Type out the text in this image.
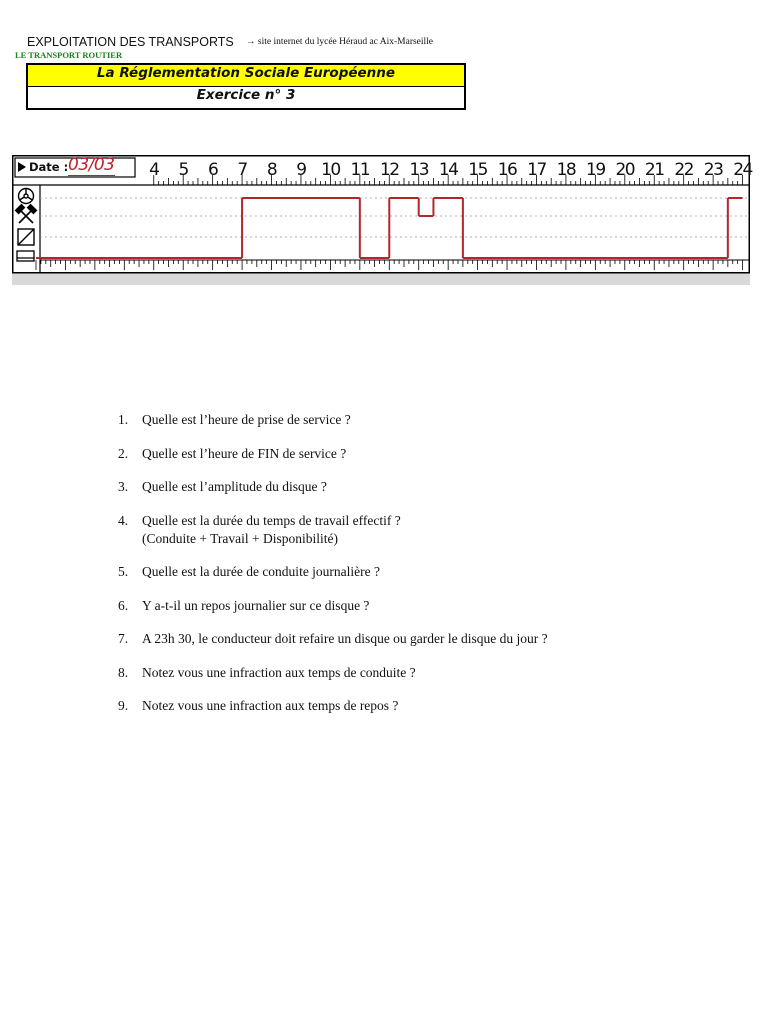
EXPLOITATION DES TRANSPORTS → site internet du lycée Héraud ac Aix-Marseille
LE TRANSPORT ROUTIER
La Réglementation Sociale Européenne
Exercice n° 3
Date : 03/03 4 5 6 7 8 9 10 11 12 13 14 15 16 17 18 19 20 21 22 23 24
1. Quelle est l’heure de prise de service ?
2. Quelle est l’heure de FIN de service ?
3. Quelle est l’amplitude du disque ?
4. Quelle est la durée du temps de travail effectif ?
(Conduite + Travail + Disponibilité)
5. Quelle est la durée de conduite journalière ?
6. Y a-t-il un repos journalier sur ce disque ?
7. A 23h 30, le conducteur doit refaire un disque ou garder le disque du jour ?
8. Notez vous une infraction aux temps de conduite ?
9. Notez vous une infraction aux temps de repos ?
